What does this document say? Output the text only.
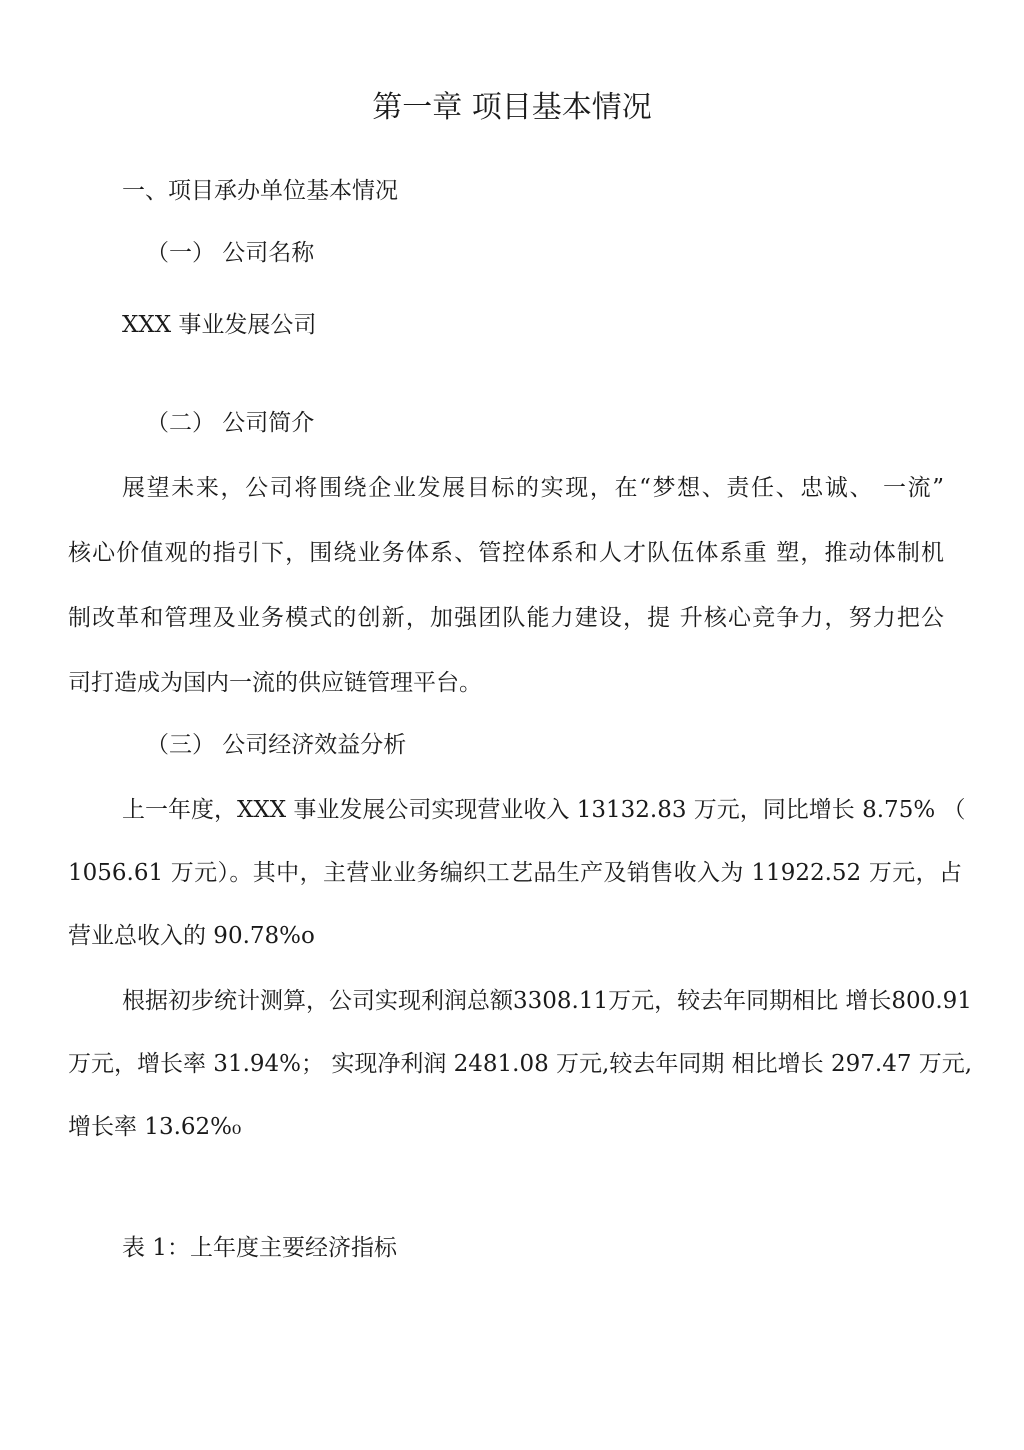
第一章 项目基本情况

一、项目承办单位基本情况

（一） 公司名称

XXX 事业发展公司

（二） 公司简介

展望未来，公司将围绕企业发展目标的实现，在“梦想、责任、忠诚、 一流”

核心价值观的指引下，围绕业务体系、管控体系和人才队伍体系重 塑，推动体制机

制改革和管理及业务模式的创新，加强团队能力建设，提 升核心竞争力，努力把公

司打造成为国内一流的供应链管理平台。

（三） 公司经济效益分析

上一年度，XXX 事业发展公司实现营业收入 13132.83 万元，同比增长 8.75% （

1056.61 万元）。其中，主营业业务编织工艺品生产及销售收入为 11922.52 万元，占

营业总收入的 90.78%o

根据初步统计测算，公司实现利润总额3308.11万元，较去年同期相比 增长800.91

万元，增长率 31.94%； 实现净利润 2481.08 万元,较去年同期 相比增长 297.47 万元,

增长率 13.62%₀

表 1：上年度主要经济指标
